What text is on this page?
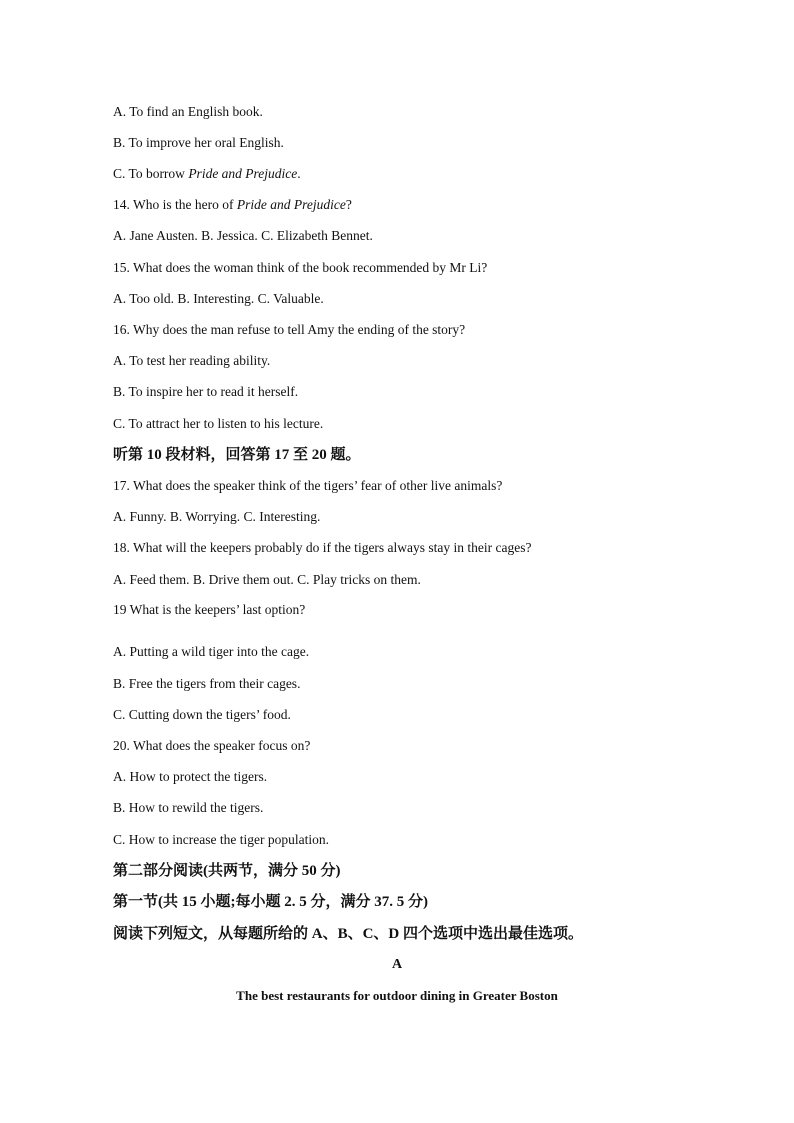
A. To find an English book.
B. To improve her oral English.
C. To borrow Pride and Prejudice.
14. Who is the hero of Pride and Prejudice?
A. Jane Austen. B. Jessica. C. Elizabeth Bennet.
15. What does the woman think of the book recommended by Mr Li?
A. Too old. B. Interesting. C. Valuable.
16. Why does the man refuse to tell Amy the ending of the story?
A. To test her reading ability.
B. To inspire her to read it herself.
C. To attract her to listen to his lecture.
听第 10 段材料，回答第 17 至 20 题。
17. What does the speaker think of the tigers’ fear of other live animals?
A. Funny. B. Worrying. C. Interesting.
18. What will the keepers probably do if the tigers always stay in their cages?
A. Feed them. B. Drive them out. C. Play tricks on them.
19 What is the keepers’ last option?
A. Putting a wild tiger into the cage.
B. Free the tigers from their cages.
C. Cutting down the tigers’ food.
20. What does the speaker focus on?
A. How to protect the tigers.
B. How to rewild the tigers.
C. How to increase the tiger population.
第二部分阅读(共两节，满分 50 分)
第一节(共 15 小题;每小题 2. 5 分，满分 37. 5 分)
阅读下列短文，从每题所给的 A、B、C、D 四个选项中选出最佳选项。
A
The best restaurants for outdoor dining in Greater Boston
